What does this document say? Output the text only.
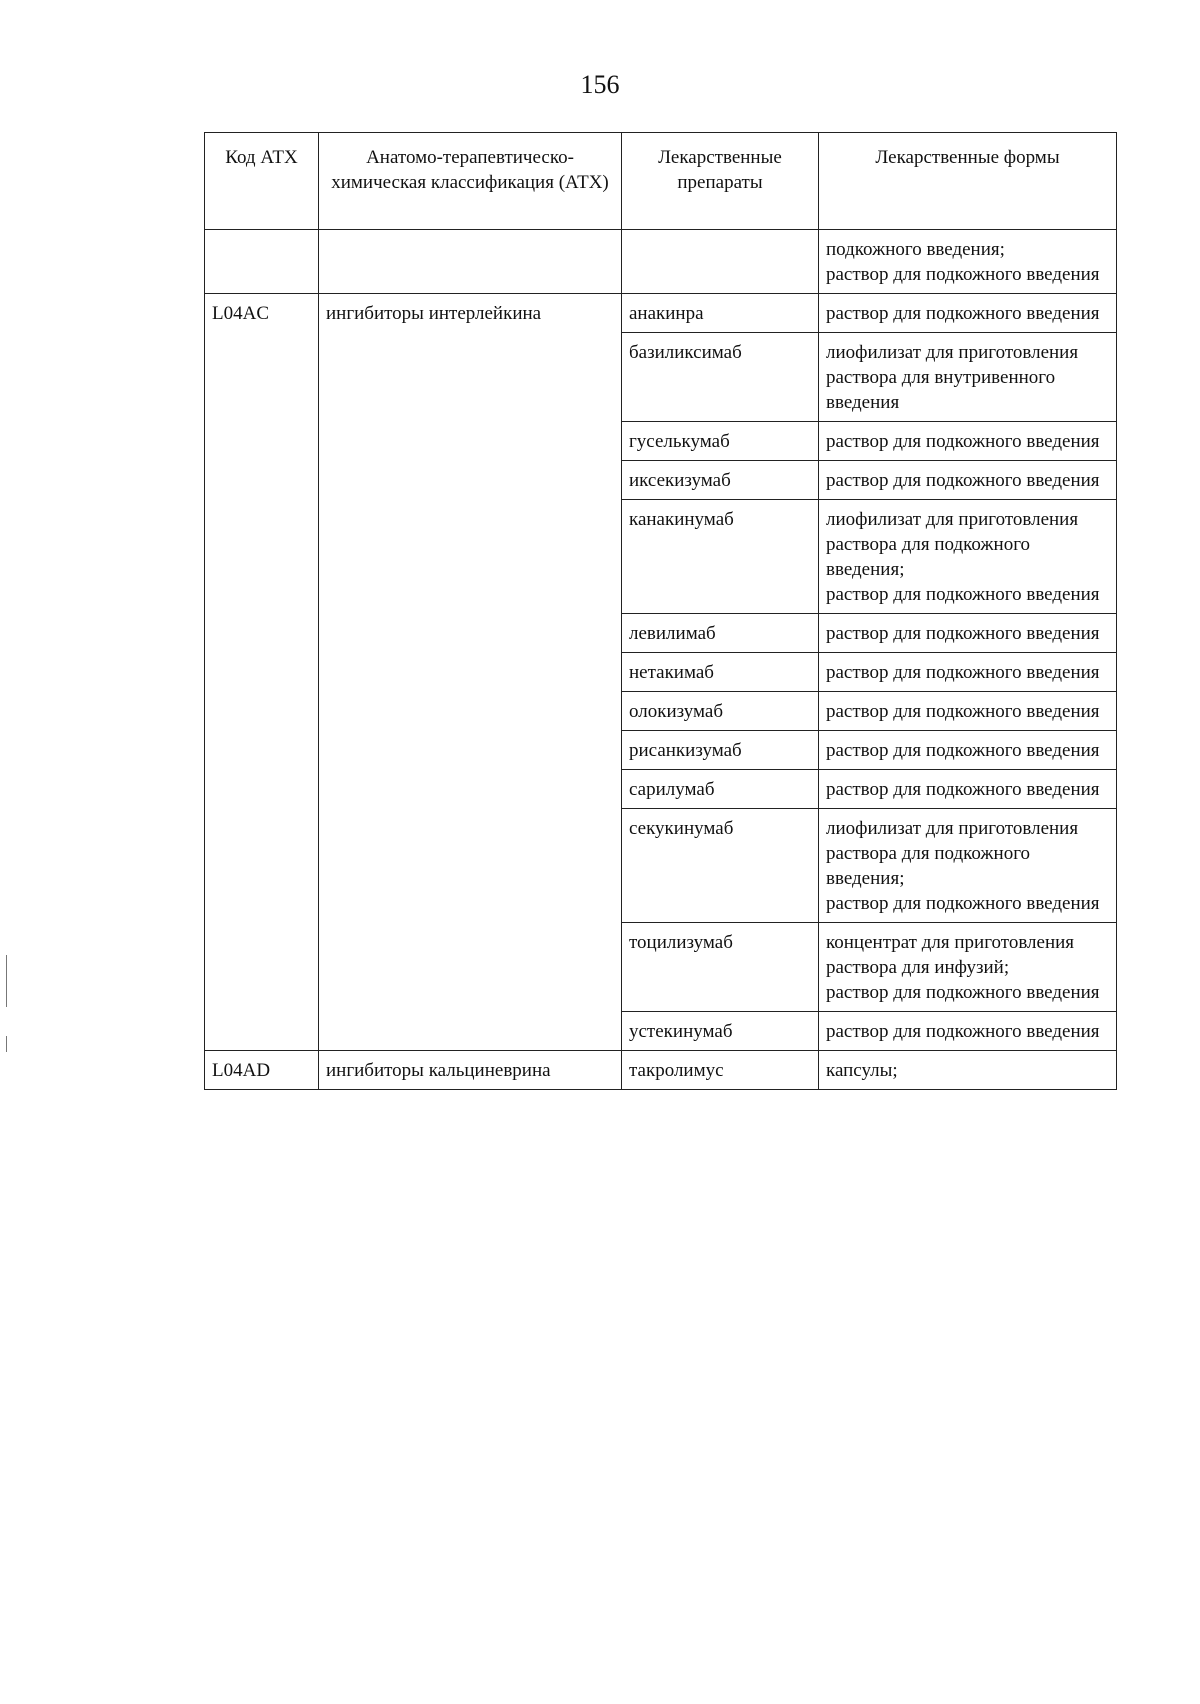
156
Код АТХ	Анатомо-терапевтическо-химическая классификация (АТХ)	Лекарственные препараты	Лекарственные формы
			подкожного введения;
раствор для подкожного введения
L04AC	ингибиторы интерлейкина	анакинра	раствор для подкожного введения
		базиликсимаб	лиофилизат для приготовления раствора для внутривенного введения
		гуселькумаб	раствор для подкожного введения
		иксекизумаб	раствор для подкожного введения
		канакинумаб	лиофилизат для приготовления раствора для подкожного введения;
раствор для подкожного введения
		левилимаб	раствор для подкожного введения
		нетакимаб	раствор для подкожного введения
		олокизумаб	раствор для подкожного введения
		рисанкизумаб	раствор для подкожного введения
		сарилумаб	раствор для подкожного введения
		секукинумаб	лиофилизат для приготовления раствора для подкожного введения;
раствор для подкожного введения
		тоцилизумаб	концентрат для приготовления раствора для инфузий;
раствор для подкожного введения
		устекинумаб	раствор для подкожного введения
L04AD	ингибиторы кальциневрина	такролимус	капсулы;
